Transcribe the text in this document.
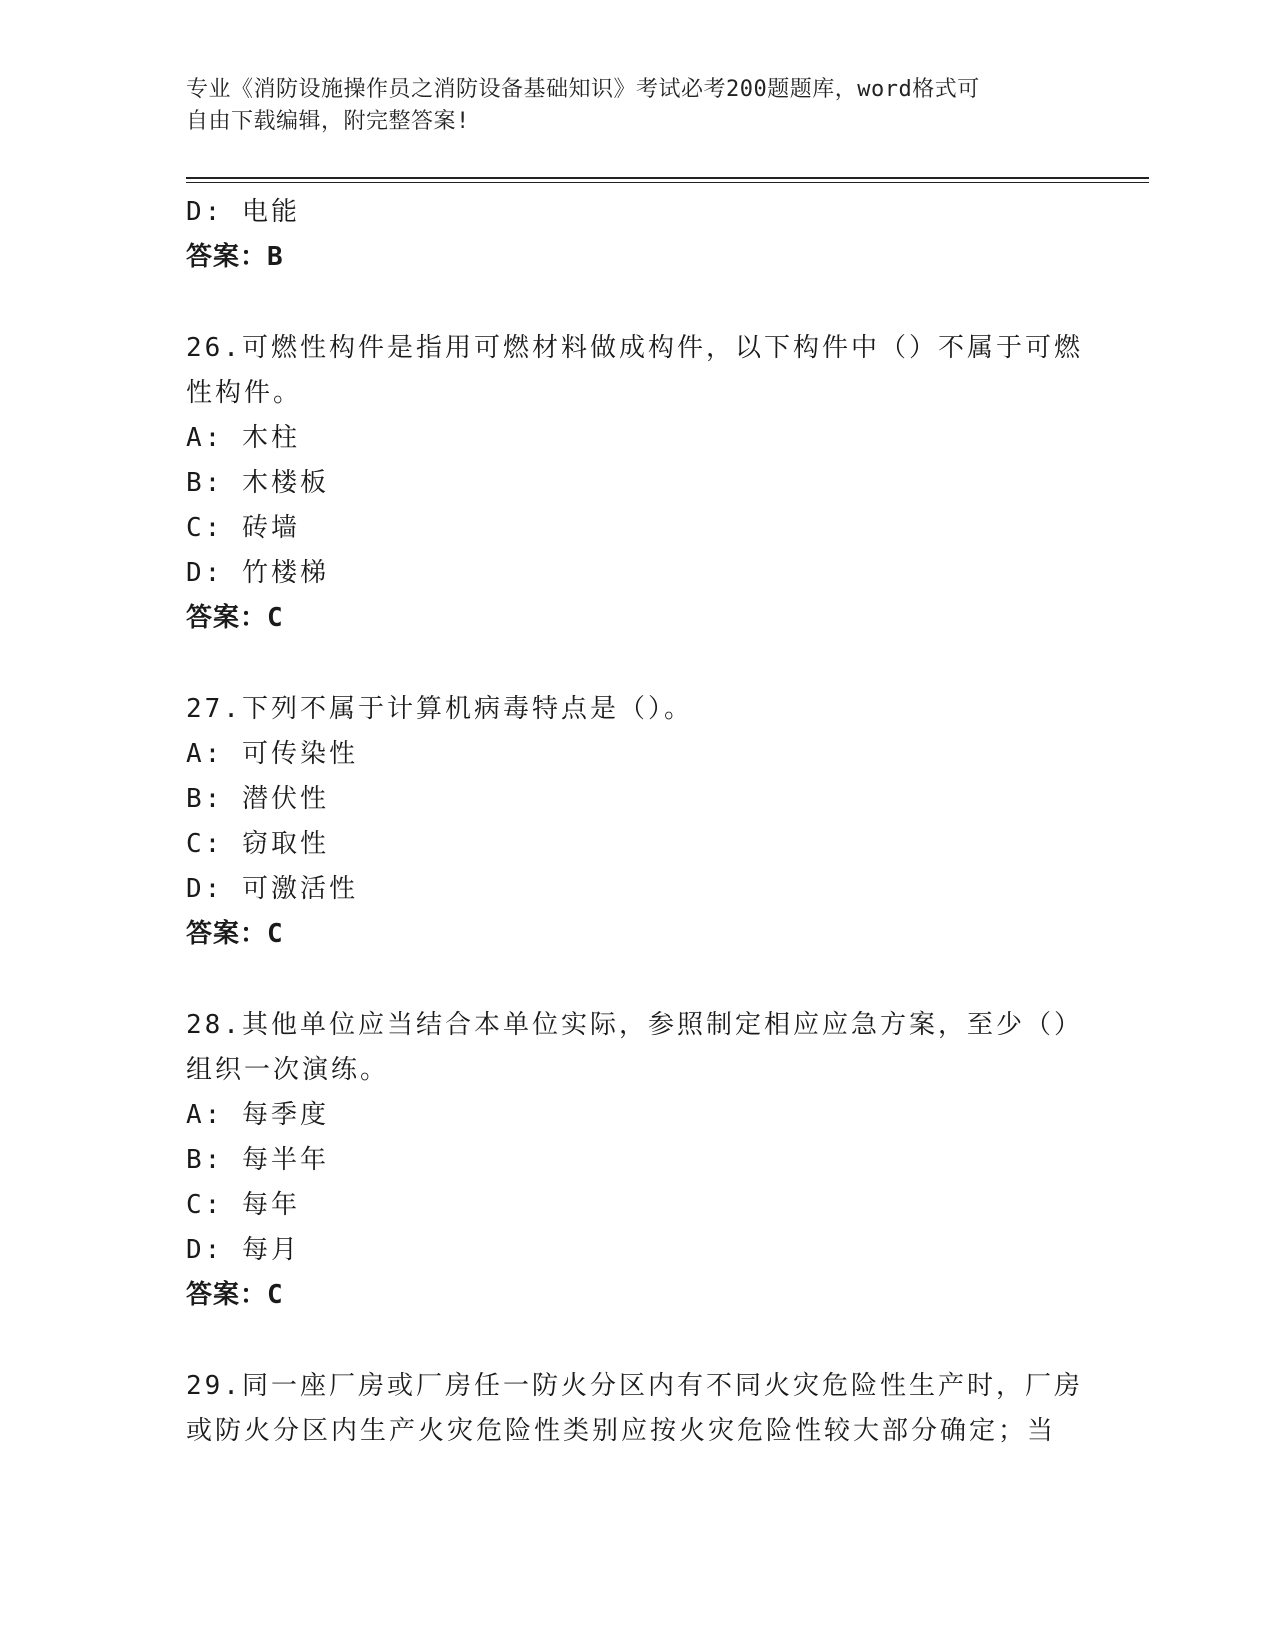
专业《消防设施操作员之消防设备基础知识》考试必考200题题库，word格式可
自由下载编辑，附完整答案!
D: 电能
答案：B
26.可燃性构件是指用可燃材料做成构件，以下构件中（）不属于可燃
性构件。
A: 木柱
B: 木楼板
C: 砖墙
D: 竹楼梯
答案：C
27.下列不属于计算机病毒特点是（）。
A: 可传染性
B: 潜伏性
C: 窃取性
D: 可激活性
答案：C
28.其他单位应当结合本单位实际，参照制定相应应急方案，至少（）
组织一次演练。
A: 每季度
B: 每半年
C: 每年
D: 每月
答案：C
29.同一座厂房或厂房任一防火分区内有不同火灾危险性生产时，厂房
或防火分区内生产火灾危险性类别应按火灾危险性较大部分确定；当
